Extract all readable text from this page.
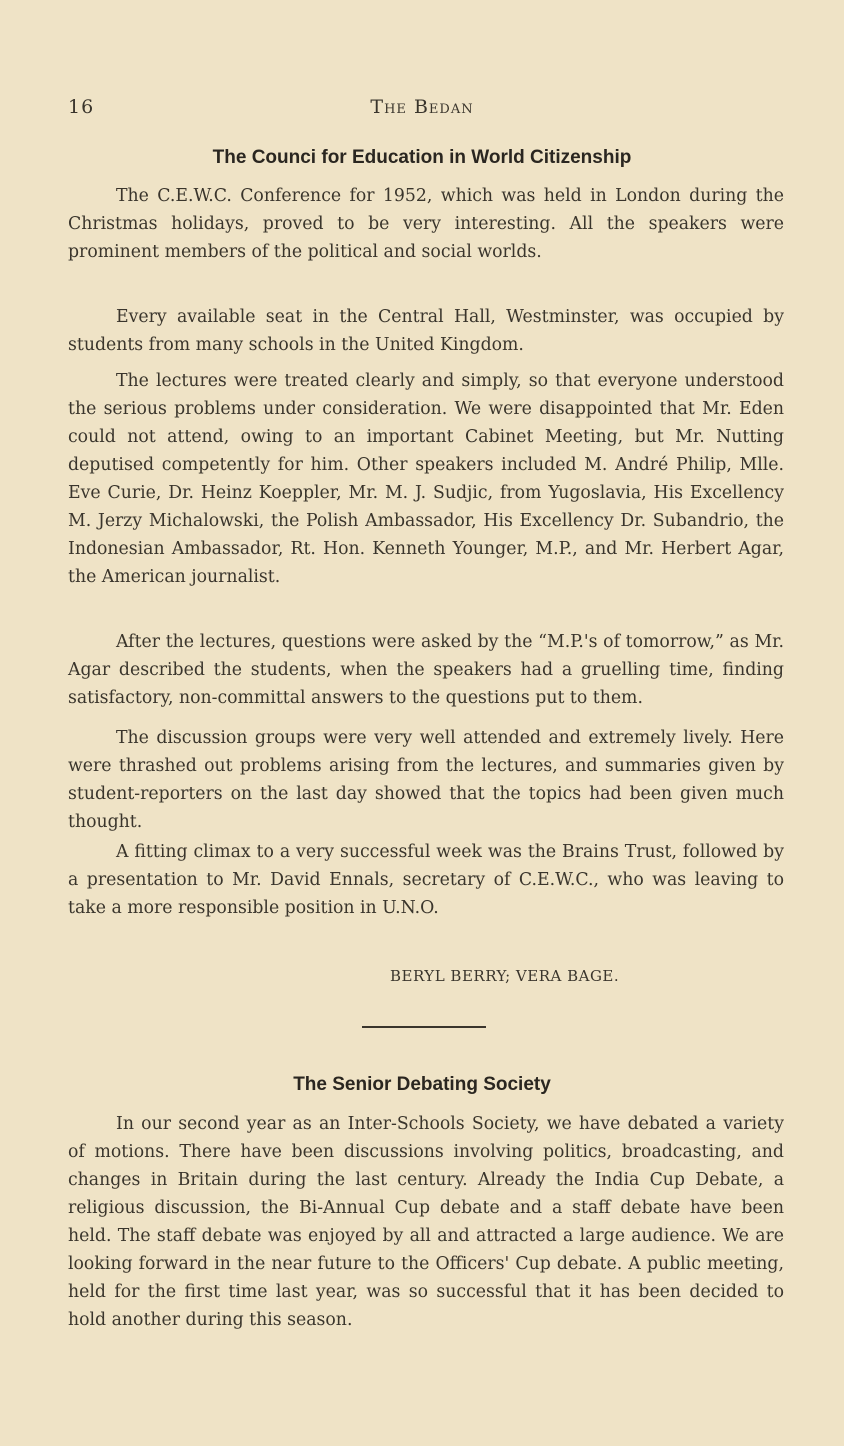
16	The Bedan
The Counci for Education in World Citizenship

The C.E.W.C. Conference for 1952, which was held in London during the Christmas holidays, proved to be very interesting. All the speakers were prominent members of the political and social worlds.

Every available seat in the Central Hall, Westminster, was occupied by students from many schools in the United Kingdom.

The lectures were treated clearly and simply, so that everyone understood the serious problems under consideration. We were disappointed that Mr. Eden could not attend, owing to an important Cabinet Meeting, but Mr. Nutting deputised competently for him. Other speakers included M. André Philip, Mlle. Eve Curie, Dr. Heinz Koeppler, Mr. M. J. Sudjic, from Yugoslavia, His Excellency M. Jerzy Michalowski, the Polish Ambassador, His Excellency Dr. Subandrio, the Indonesian Ambassador, Rt. Hon. Kenneth Younger, M.P., and Mr. Herbert Agar, the American journalist.

After the lectures, questions were asked by the “M.P.'s of tomorrow,” as Mr. Agar described the students, when the speakers had a gruelling time, finding satisfactory, non-committal answers to the questions put to them.

The discussion groups were very well attended and extremely lively. Here were thrashed out problems arising from the lectures, and summaries given by student-reporters on the last day showed that the topics had been given much thought.

A fitting climax to a very successful week was the Brains Trust, followed by a presentation to Mr. David Ennals, secretary of C.E.W.C., who was leaving to take a more responsible position in U.N.O.

BERYL BERRY; VERA BAGE.
The Senior Debating Society

In our second year as an Inter-Schools Society, we have debated a variety of motions. There have been discussions involving politics, broadcasting, and changes in Britain during the last century. Already the India Cup Debate, a religious discussion, the Bi-Annual Cup debate and a staff debate have been held. The staff debate was enjoyed by all and attracted a large audience. We are looking forward in the near future to the Officers' Cup debate. A public meeting, held for the first time last year, was so successful that it has been decided to hold another during this season.
